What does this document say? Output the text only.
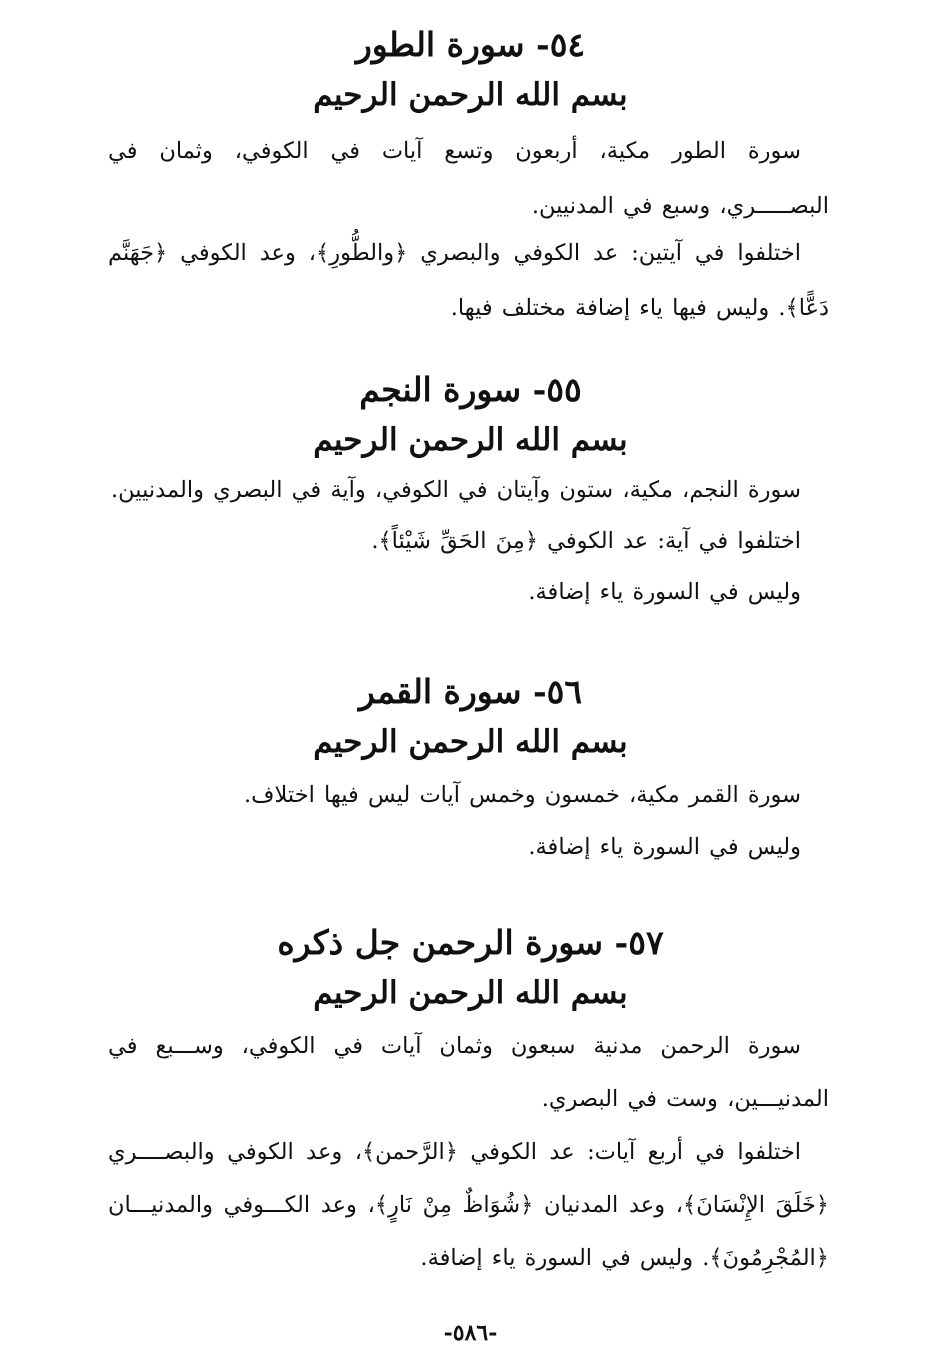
٥٤- سورة الطور
بسم الله الرحمن الرحيم

سورة الطور مكية، أربعون وتسع آيات في الكوفي، وثمان في البصـــــري، وسبع في المدنيين.

اختلفوا في آيتين: عد الكوفي والبصري ﴿والطُّورِ﴾، وعد الكوفي ﴿جَهَنَّم دَعًّا﴾. وليس فيها ياء إضافة مختلف فيها.

٥٥- سورة النجم
بسم الله الرحمن الرحيم

سورة النجم، مكية، ستون وآيتان في الكوفي، وآية في البصري والمدنيين.

اختلفوا في آية: عد الكوفي ﴿مِنَ الحَقِّ شَيْئاً﴾.

وليس في السورة ياء إضافة.

٥٦- سورة القمر
بسم الله الرحمن الرحيم

سورة القمر مكية، خمسون وخمس آيات ليس فيها اختلاف.

وليس في السورة ياء إضافة.

٥٧- سورة الرحمن جل ذكره
بسم الله الرحمن الرحيم

سورة الرحمن مدنية سبعون وثمان آيات في الكوفي، وســـبع في المدنيـــين، وست في البصري.

اختلفوا في أربع آيات: عد الكوفي ﴿الرَّحمن﴾، وعد الكوفي والبصــــري ﴿خَلَقَ الإِنْسَانَ﴾، وعد المدنيان ﴿شُوَاظٌ مِنْ نَارٍ﴾، وعد الكـــوفي والمدنيـــان ﴿المُجْرِمُونَ﴾. وليس في السورة ياء إضافة.

-٥٨٦-
